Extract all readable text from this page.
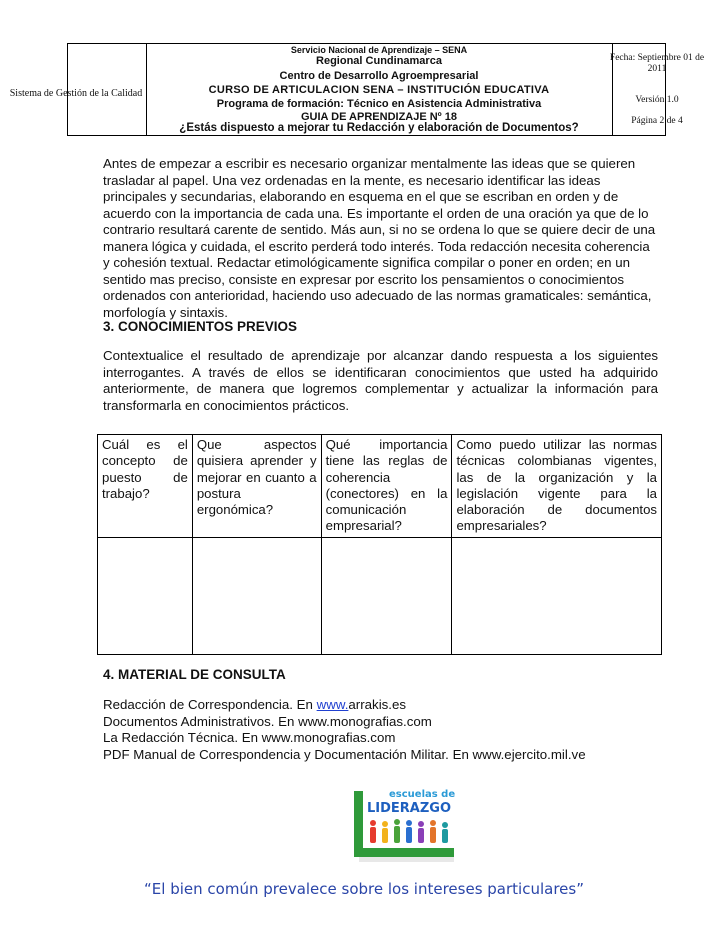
Sistema de Gestión de la Calidad
Servicio Nacional de Aprendizaje – SENA
Regional Cundinamarca
Centro de Desarrollo Agroempresarial
CURSO DE ARTICULACION SENA – INSTITUCIÓN EDUCATIVA
Programa de formación: Técnico en Asistencia Administrativa
GUIA DE APRENDIZAJE Nº 18
¿Estás dispuesto a mejorar tu Redacción y elaboración de Documentos?
Fecha: Septiembre 01 de 2011
Versión 1.0
Página 2 de 4
Antes de empezar a escribir es necesario organizar mentalmente las ideas que se quieren trasladar al papel. Una vez ordenadas en la mente, es necesario identificar las ideas principales y secundarias, elaborando en esquema en el que se escriban en orden y de acuerdo con la importancia de cada una. Es importante el orden de una oración ya que de lo contrario resultará carente de sentido. Más aun, si no se ordena lo que se quiere decir de una manera lógica y cuidada, el escrito perderá todo interés. Toda redacción necesita coherencia y cohesión textual. Redactar etimológicamente significa compilar o poner en orden; en un sentido mas preciso, consiste en expresar por escrito los pensamientos o conocimientos ordenados con anterioridad, haciendo uso adecuado de las normas gramaticales: semántica, morfología y sintaxis.
3. CONOCIMIENTOS PREVIOS
Contextualice el resultado de aprendizaje por alcanzar dando respuesta a los siguientes interrogantes. A través de ellos se identificaran conocimientos que usted ha adquirido anteriormente, de manera que logremos complementar y actualizar la información para transformarla en conocimientos prácticos.
Cuál es el concepto de puesto de trabajo?	Que aspectos quisiera aprender y mejorar en cuanto a postura ergonómica?	Qué importancia tiene las reglas de coherencia (conectores) en la comunicación empresarial?	Como puedo utilizar las normas técnicas colombianas vigentes, las de la organización y la legislación vigente para la elaboración de documentos empresariales?

4. MATERIAL DE CONSULTA
Redacción de Correspondencia. En www.arrakis.es
Documentos Administrativos. En www.monografias.com
La Redacción Técnica. En www.monografias.com
PDF Manual de Correspondencia y Documentación Militar. En www.ejercito.mil.ve
escuelas de
LIDERAZGO
“El bien común prevalece sobre los intereses particulares”
